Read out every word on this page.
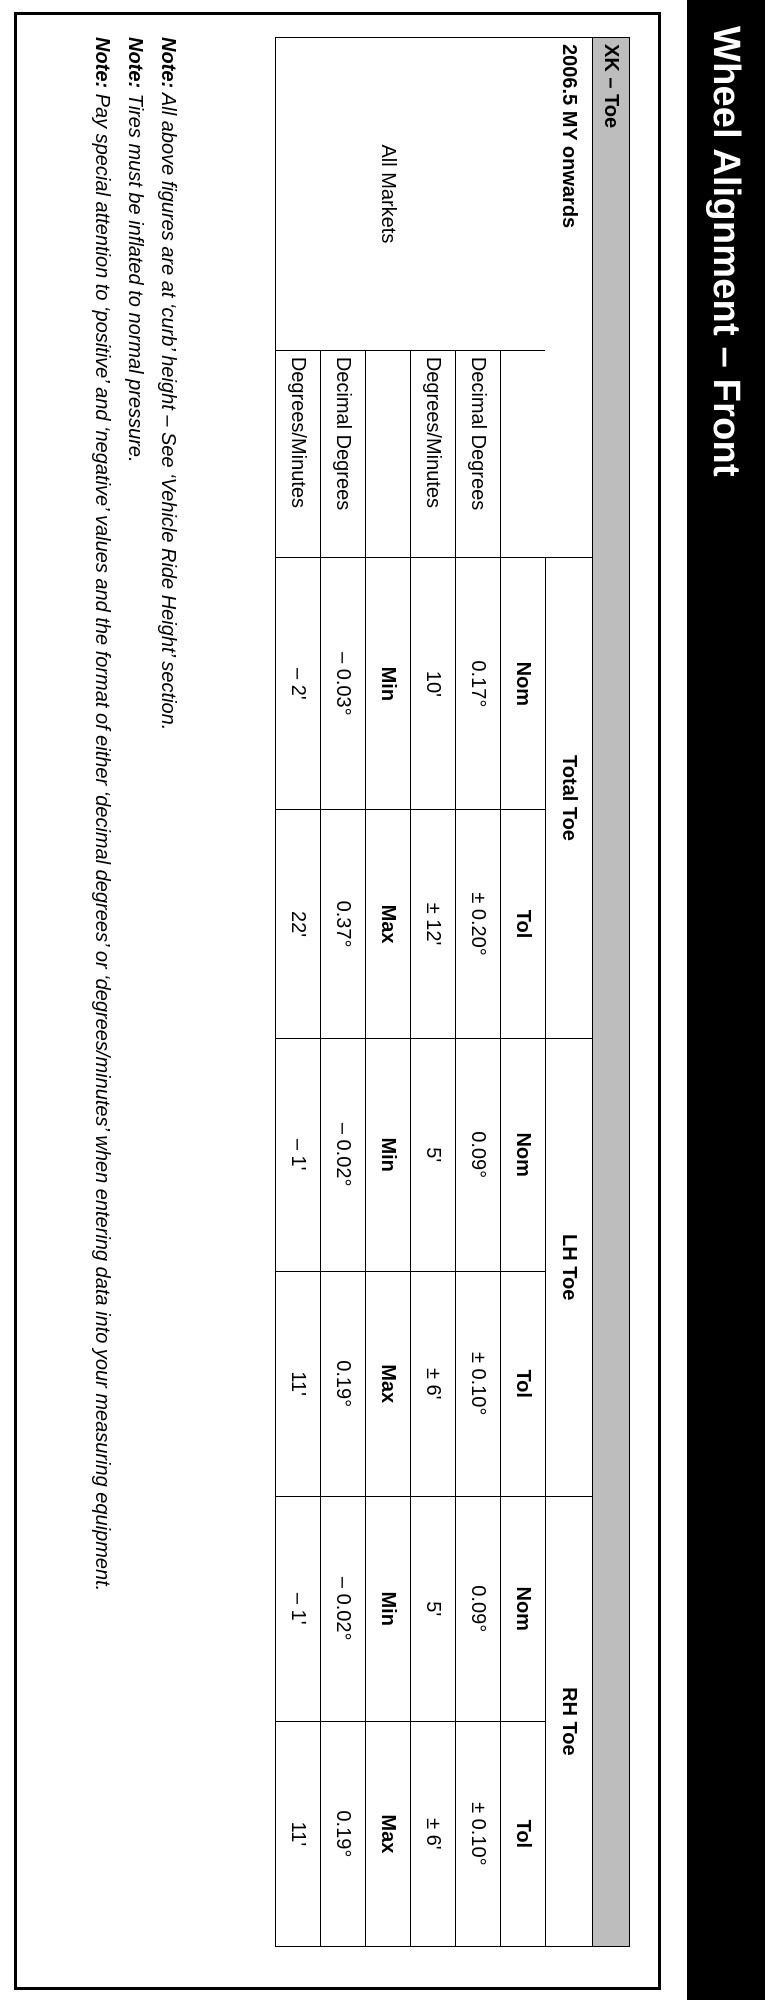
Wheel Alignment – Front
XK – Toe							
2006.5 MY onwards		Total Toe		LH Toe		RH Toe	
		Nom	Tol	Nom	Tol	Nom	Tol
	Decimal Degrees	0.17°	± 0.20°	0.09°	± 0.10°	0.09°	± 0.10°
	Degrees/Minutes	10'	± 12'	5'	± 6'	5'	± 6'
All Markets		Min	Max	Min	Max	Min	Max
	Decimal Degrees	– 0.03°	0.37°	– 0.02°	0.19°	– 0.02°	0.19°
	Degrees/Minutes	– 2'	22'	– 1'	11'	– 1'	11'

Note: All above figures are at ‘curb’ height – See ‘Vehicle Ride Height’ section.

Note: Tires must be inflated to normal pressure.

Note: Pay special attention to ‘positive’ and ‘negative’ values and the format of either ‘decimal degrees’ or ‘degrees/minutes’ when entering data into your measuring equipment.
